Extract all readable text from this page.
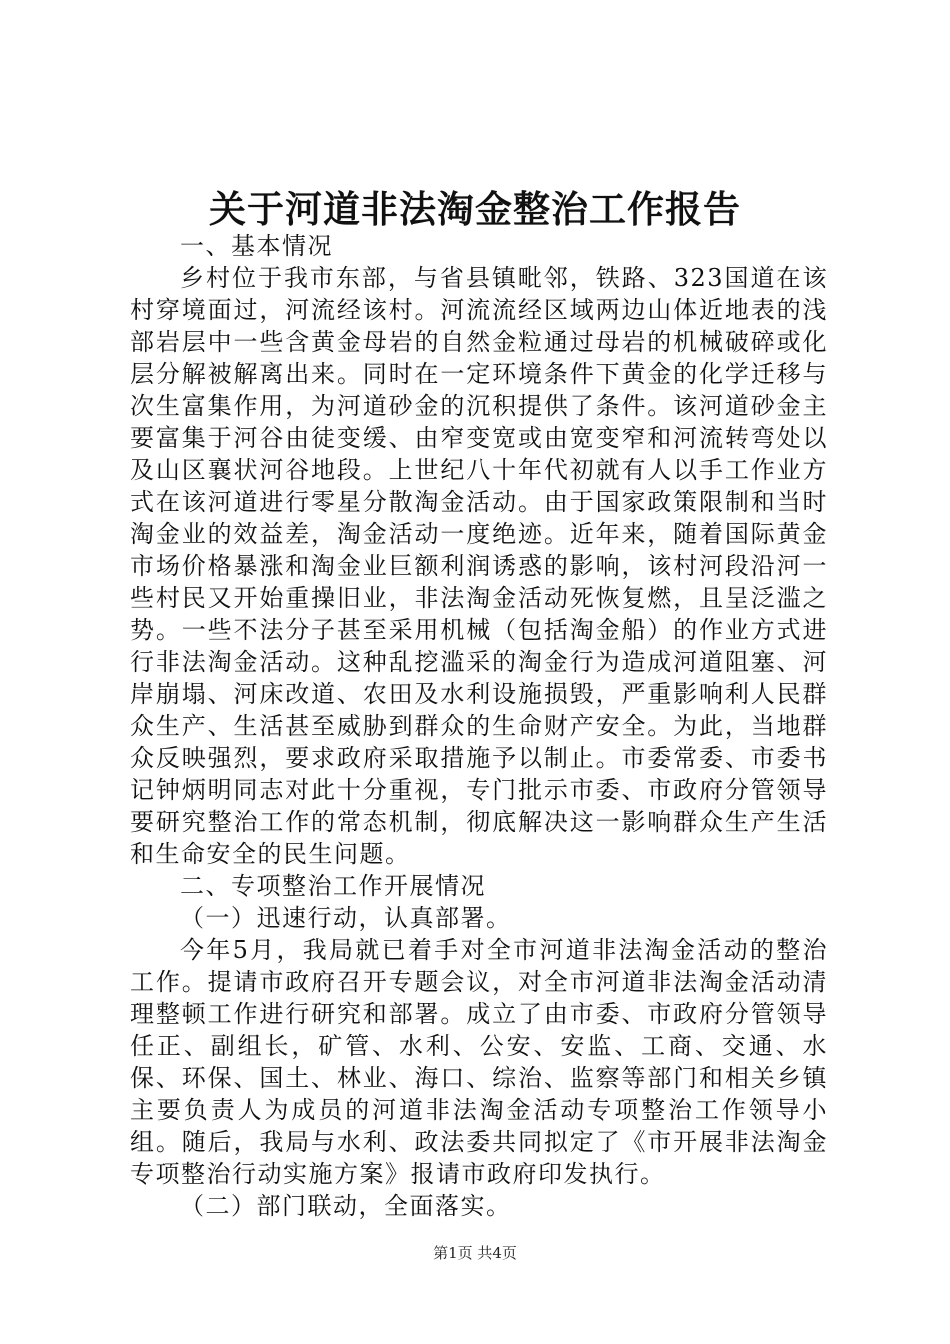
关于河道非法淘金整治工作报告

一、基本情况

乡村位于我市东部，与省县镇毗邻，铁路、323国道在该村穿境面过，河流经该村。河流流经区域两边山体近地表的浅部岩层中一些含黄金母岩的自然金粒通过母岩的机械破碎或化层分解被解离出来。同时在一定环境条件下黄金的化学迁移与次生富集作用，为河道砂金的沉积提供了条件。该河道砂金主要富集于河谷由徒变缓、由窄变宽或由宽变窄和河流转弯处以及山区襄状河谷地段。上世纪八十年代初就有人以手工作业方式在该河道进行零星分散淘金活动。由于国家政策限制和当时淘金业的效益差，淘金活动一度绝迹。近年来，随着国际黄金市场价格暴涨和淘金业巨额利润诱惑的影响，该村河段沿河一些村民又开始重操旧业，非法淘金活动死恢复燃，且呈泛滥之势。一些不法分子甚至采用机械（包括淘金船）的作业方式进行非法淘金活动。这种乱挖滥采的淘金行为造成河道阻塞、河岸崩塌、河床改道、农田及水利设施损毁，严重影响利人民群众生产、生活甚至威胁到群众的生命财产安全。为此，当地群众反映强烈，要求政府采取措施予以制止。市委常委、市委书记钟炳明同志对此十分重视，专门批示市委、市政府分管领导要研究整治工作的常态机制，彻底解决这一影响群众生产生活和生命安全的民生问题。

二、专项整治工作开展情况

（一）迅速行动，认真部署。

今年5月，我局就已着手对全市河道非法淘金活动的整治工作。提请市政府召开专题会议，对全市河道非法淘金活动清理整顿工作进行研究和部署。成立了由市委、市政府分管领导任正、副组长，矿管、水利、公安、安监、工商、交通、水保、环保、国土、林业、海口、综治、监察等部门和相关乡镇主要负责人为成员的河道非法淘金活动专项整治工作领导小组。随后，我局与水利、政法委共同拟定了《市开展非法淘金专项整治行动实施方案》报请市政府印发执行。

（二）部门联动，全面落实。

第1页 共4页
